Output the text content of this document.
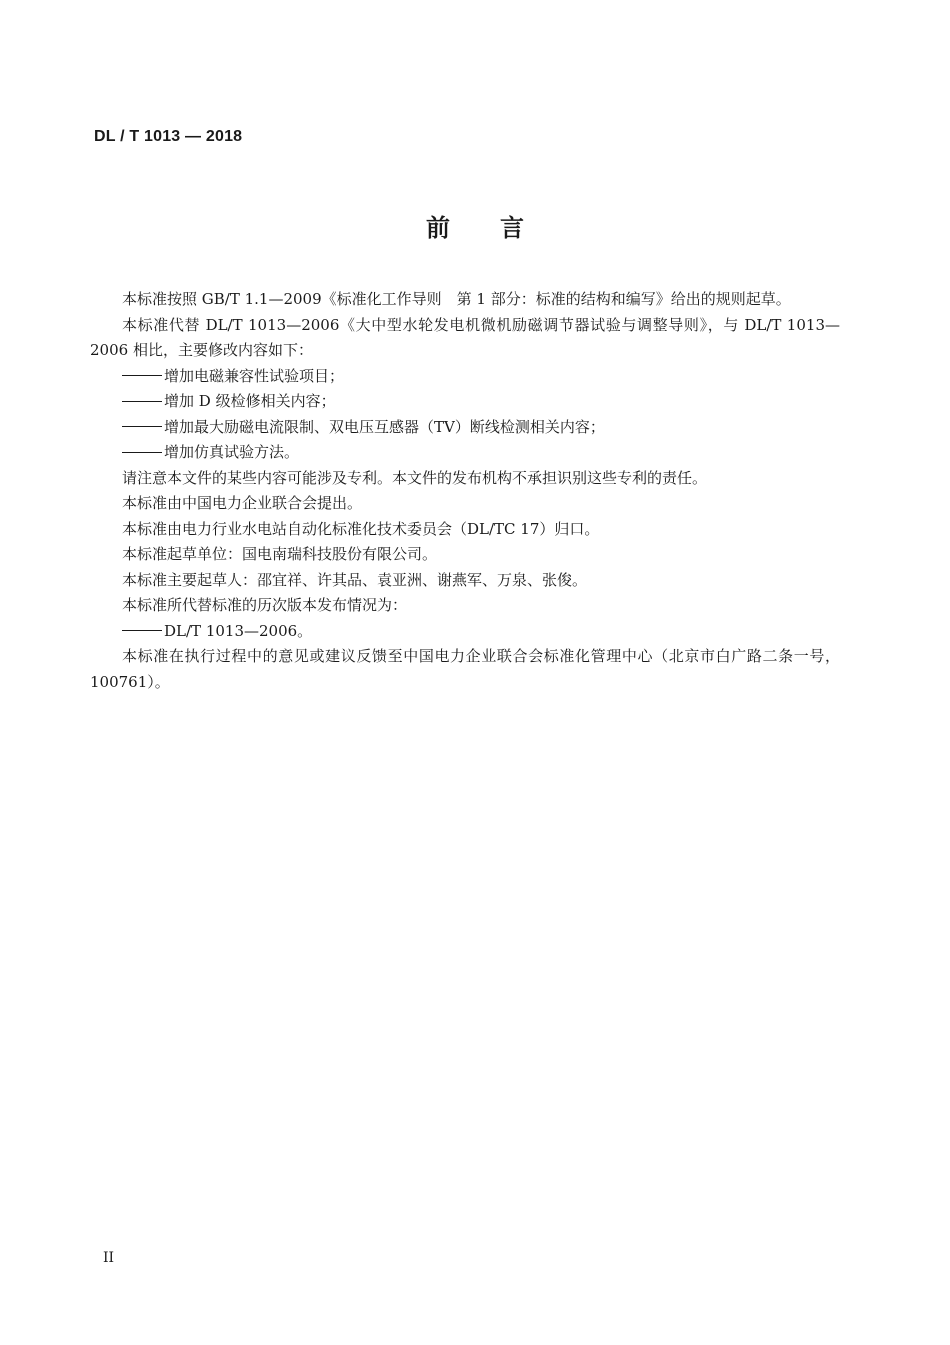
DL / T 1013 — 2018
前言

本标准按照 GB/T 1.1—2009《标准化工作导则　第 1 部分：标准的结构和编写》给出的规则起草。

本标准代替 DL/T 1013—2006《大中型水轮发电机微机励磁调节器试验与调整导则》，与 DL/T 1013—2006 相比，主要修改内容如下：

增加电磁兼容性试验项目；

增加 D 级检修相关内容；

增加最大励磁电流限制、双电压互感器（TV）断线检测相关内容；

增加仿真试验方法。

请注意本文件的某些内容可能涉及专利。本文件的发布机构不承担识别这些专利的责任。

本标准由中国电力企业联合会提出。

本标准由电力行业水电站自动化标准化技术委员会（DL/TC 17）归口。

本标准起草单位：国电南瑞科技股份有限公司。

本标准主要起草人：邵宜祥、许其品、袁亚洲、谢燕军、万泉、张俊。

本标准所代替标准的历次版本发布情况为：

DL/T 1013—2006。

本标准在执行过程中的意见或建议反馈至中国电力企业联合会标准化管理中心（北京市白广路二条一号，100761）。

II
